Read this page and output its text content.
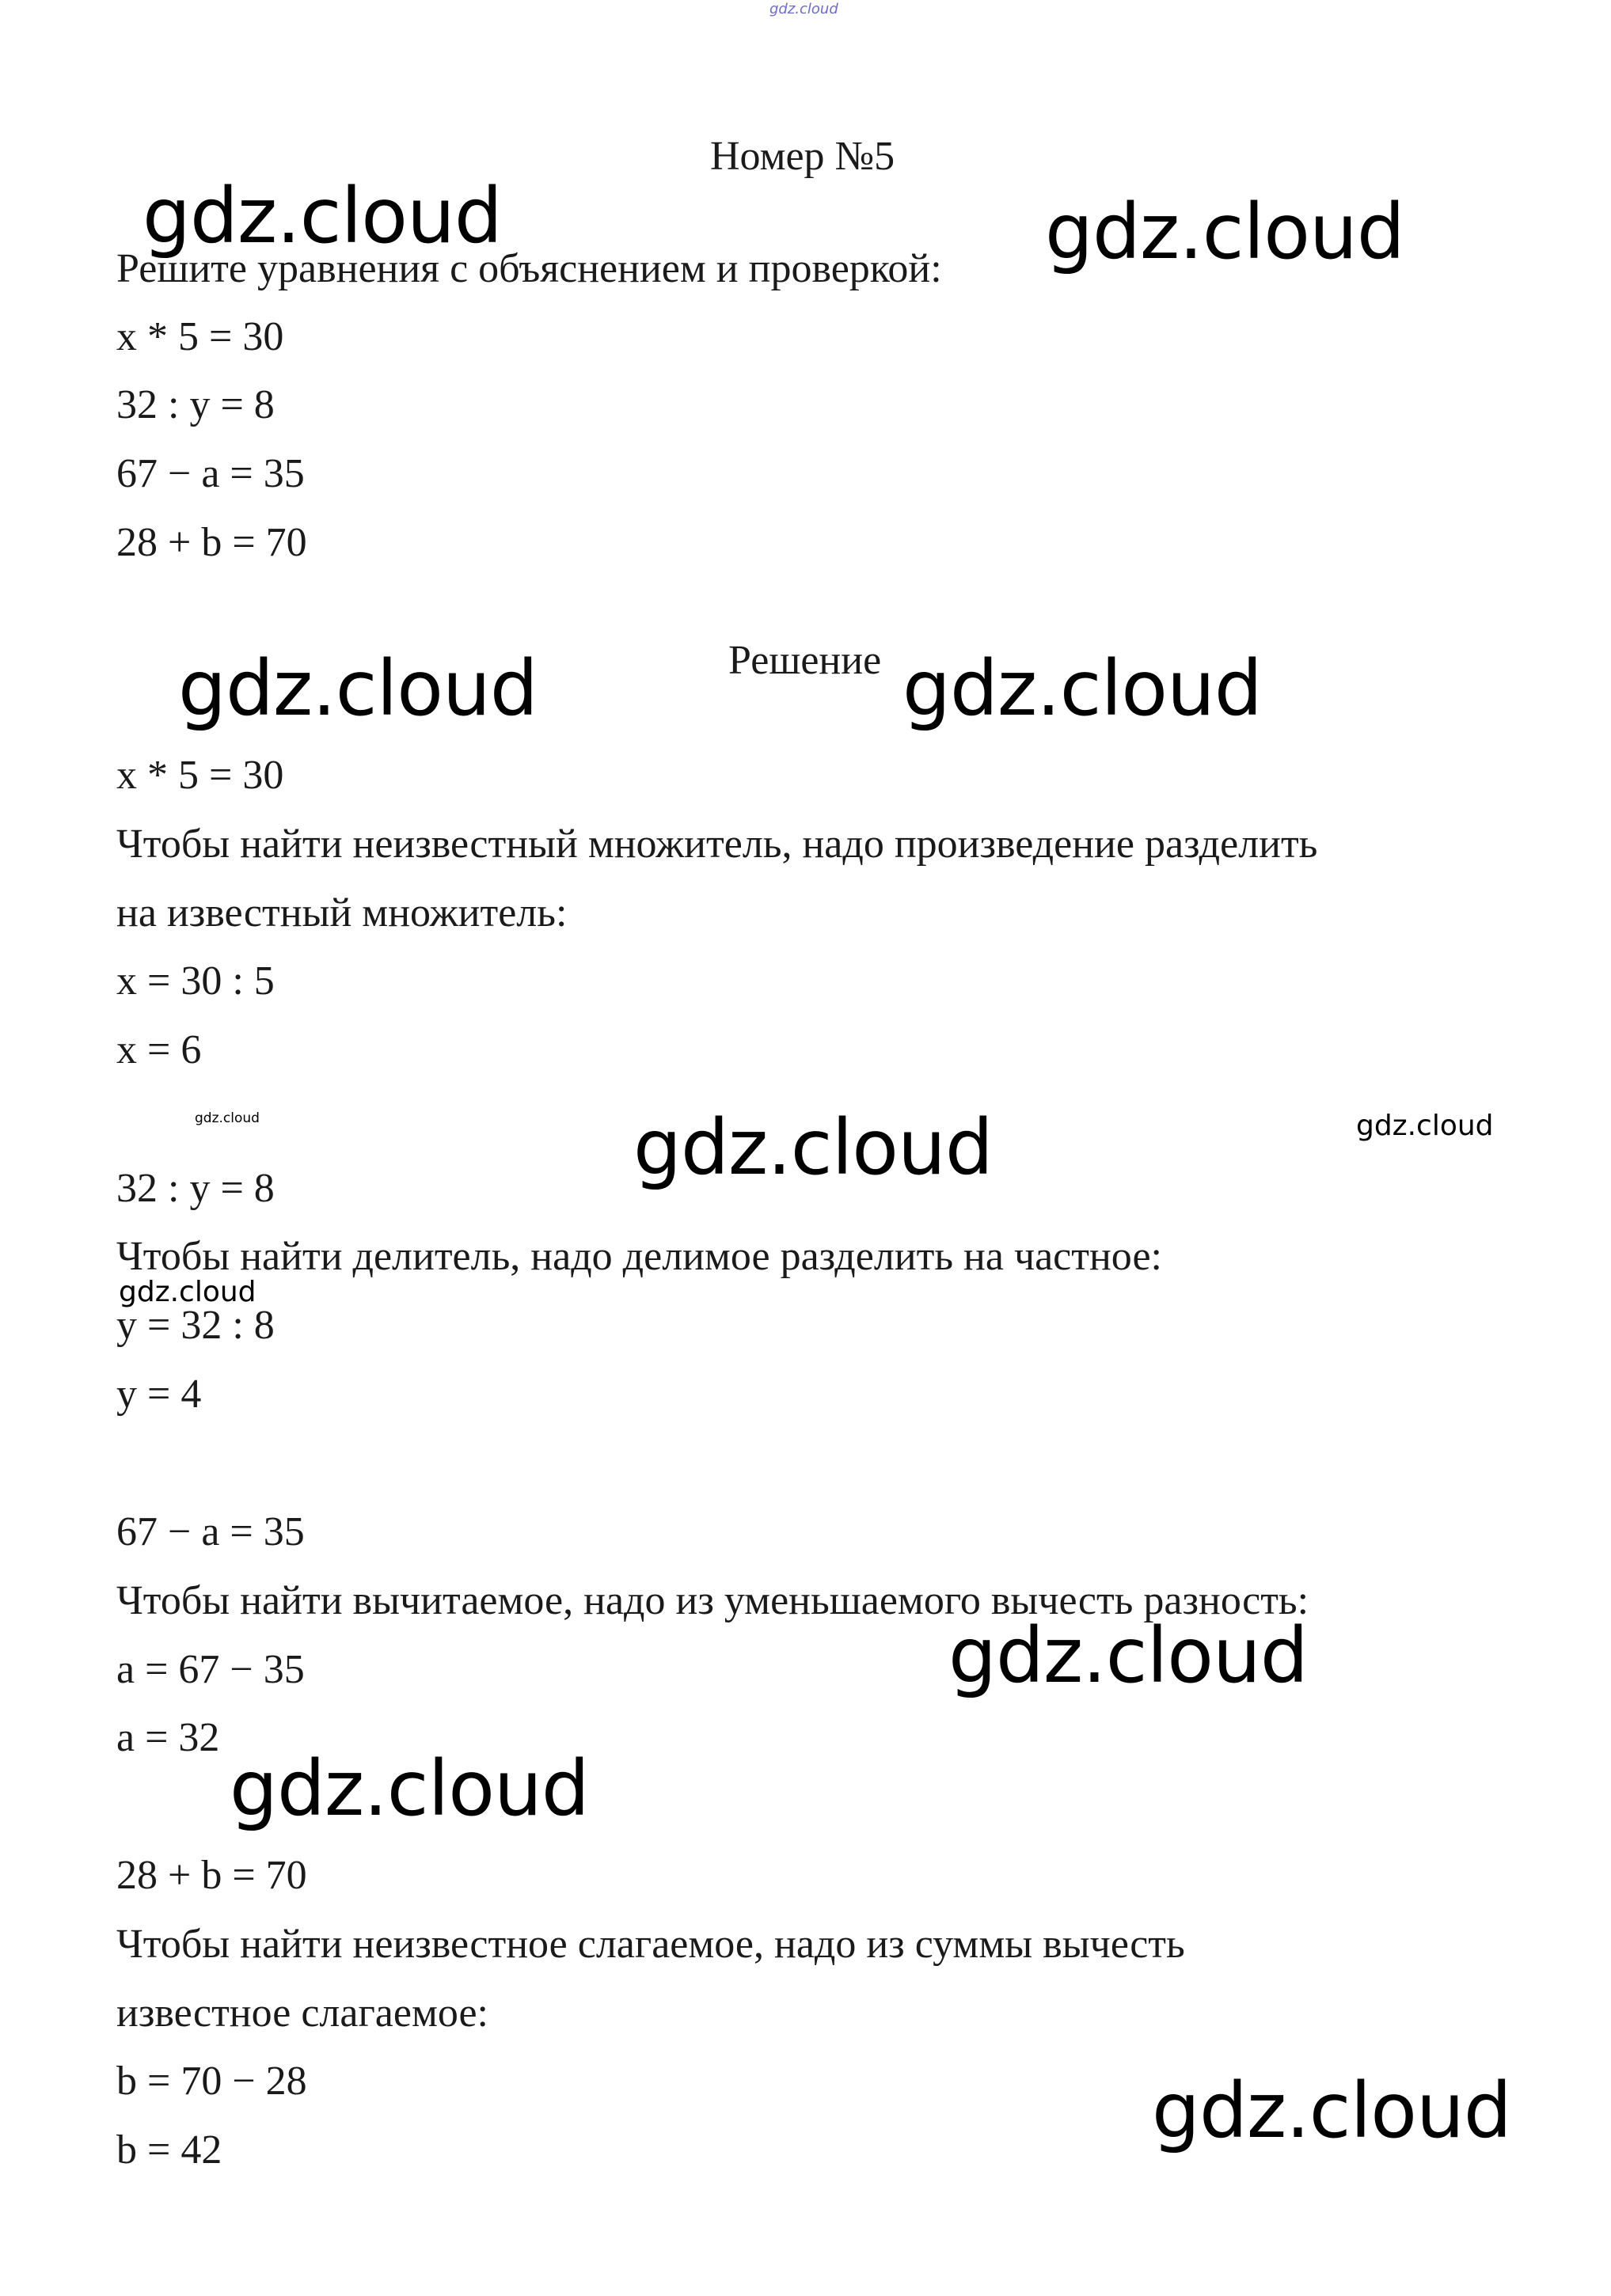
gdz.cloud
Номер №5

Решите уравнения с объяснением и проверкой:

x * 5 = 30

32 : y = 8

67 − a = 35

28 + b = 70

Решение

x * 5 = 30

Чтобы найти неизвестный множитель, надо произведение разделить

на известный множитель:

x = 30 : 5

x = 6

32 : y = 8

Чтобы найти делитель, надо делимое разделить на частное:

y = 32 : 8

y = 4

67 − a = 35

Чтобы найти вычитаемое, надо из уменьшаемого вычесть разность:

a = 67 − 35

a = 32

28 + b = 70

Чтобы найти неизвестное слагаемое, надо из суммы вычесть

известное слагаемое:

b = 70 − 28

b = 42

gdz.cloud	gdz.cloud
gdz.cloud	gdz.cloud
gdz.cloud
gdz.cloud
gdz.cloud
gdz.cloud
gdz.cloud
gdz.cloud
gdz.cloud
